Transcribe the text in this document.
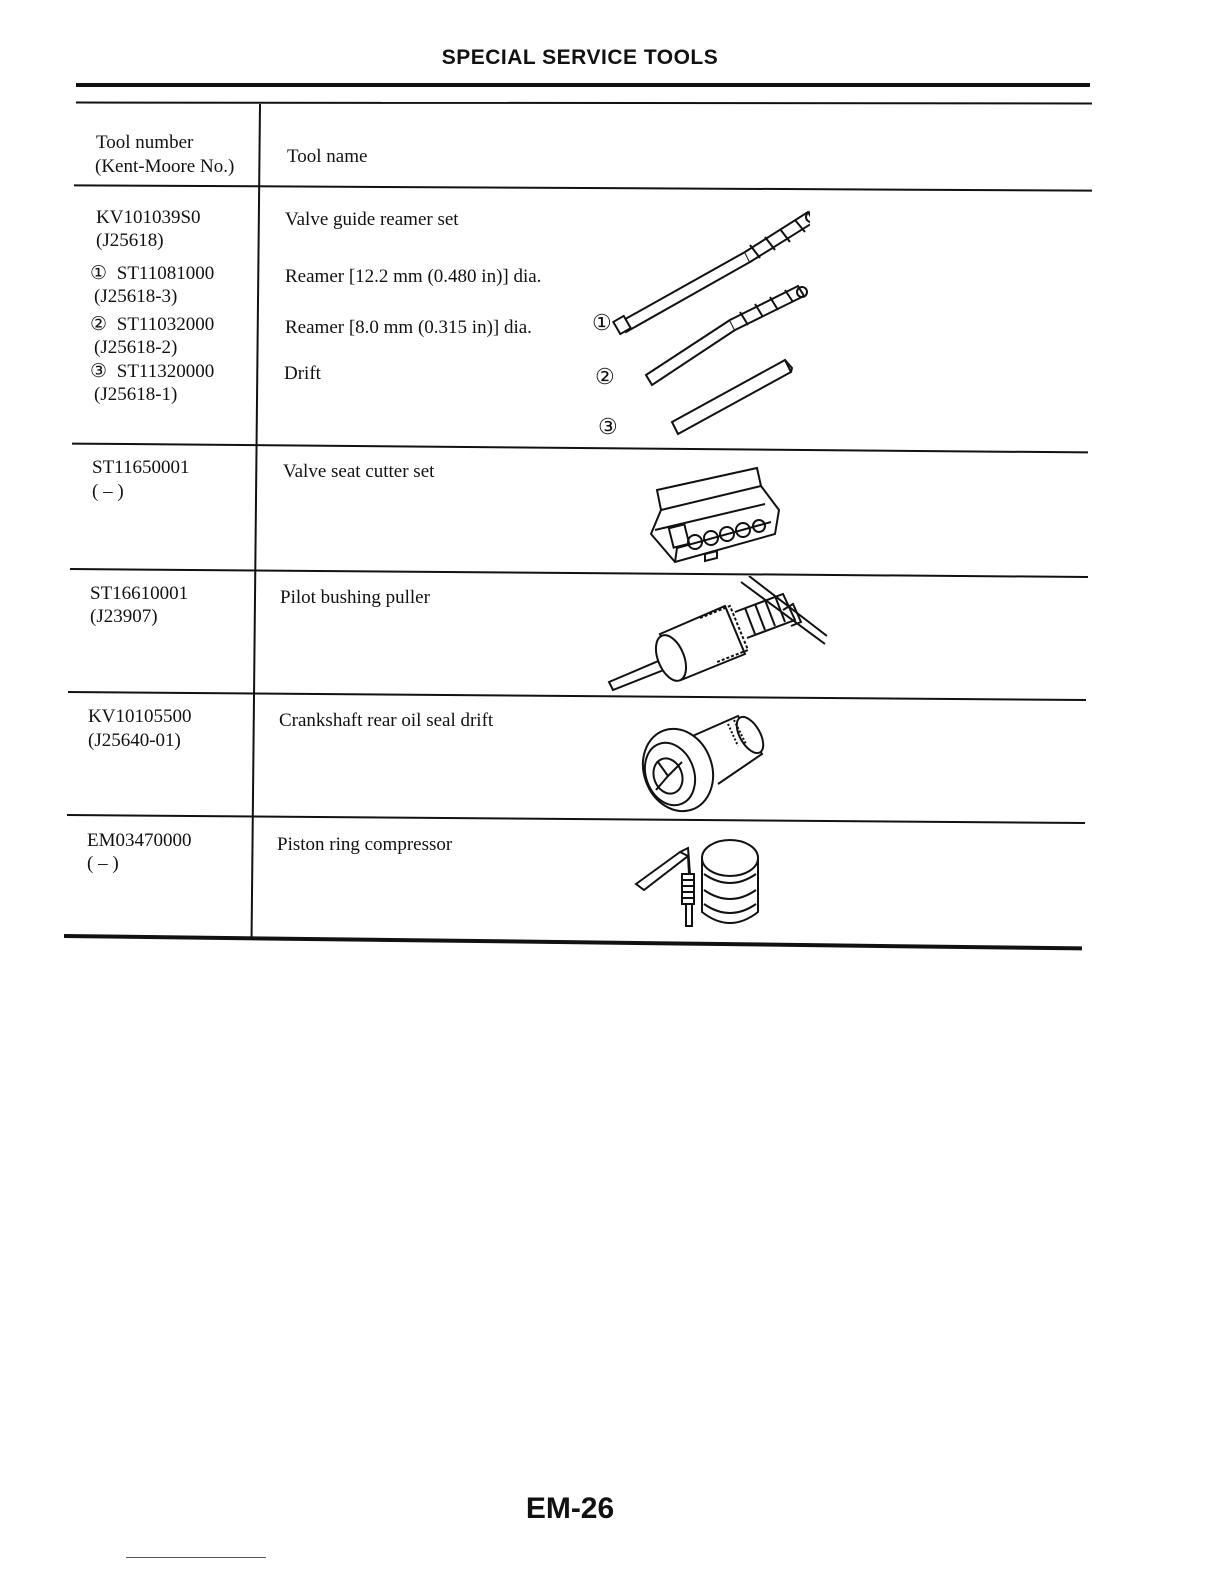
SPECIAL SERVICE TOOLS
Tool number
(Kent-Moore No.)	Tool name
KV101039S0
(J25618)
Valve guide reamer set
① ST11081000
(J25618-3)
Reamer [12.2 mm (0.480 in)] dia.
② ST11032000
(J25618-2)
Reamer [8.0 mm (0.315 in)] dia.
③ ST11320000
(J25618-1)
Drift
①
②
③
ST11650001
( – )
Valve seat cutter set
ST16610001
(J23907)
Pilot bushing puller
KV10105500
(J25640-01)
Crankshaft rear oil seal drift
EM03470000
( – )
Piston ring compressor
EM-26
